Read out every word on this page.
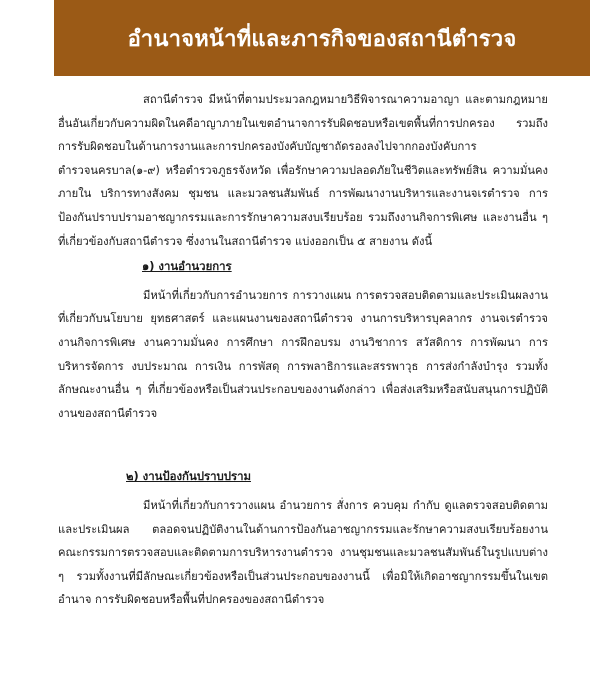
อำนาจหน้าที่และภารกิจของสถานีตำรวจ

สถานีตำรวจ มีหน้าที่ตามประมวลกฎหมายวิธีพิจารณาความอาญา และตามกฎหมายอื่นอันเกี่ยวกับความผิดในคดีอาญาภายในเขตอำนาจการรับผิดชอบหรือเขตพื้นที่การปกครอง รวมถึงการรับผิดชอบในด้านการงานและการปกครองบังคับบัญชาถัดรองลงไปจากกองบังคับการตำรวจนครบาล(๑-๙) หรือตำรวจภูธรจังหวัด เพื่อรักษาความปลอดภัยในชีวิตและทรัพย์สิน ความมั่นคงภายใน บริการทางสังคม ชุมชน และมวลชนสัมพันธ์ การพัฒนางานบริหารและงานจเรตำรวจ การป้องกันปราบปรามอาชญากรรมและการรักษาความสงบเรียบร้อย รวมถึงงานกิจการพิเศษ และงานอื่น ๆ ที่เกี่ยวข้องกับสถานีตำรวจ ซึ่งงานในสถานีตำรวจ แบ่งออกเป็น ๕ สายงาน ดังนี้

๑) งานอำนวยการ

มีหน้าที่เกี่ยวกับการอำนวยการ การวางแผน การตรวจสอบติดตามและประเมินผลงานที่เกี่ยวกับนโยบาย ยุทธศาสตร์ และแผนงานของสถานีตำรวจ งานการบริหารบุคลากร งานจเรตำรวจงานกิจการพิเศษ งานความมั่นคง การศึกษา การฝึกอบรม งานวิชาการ สวัสดิการ การพัฒนา การบริหารจัดการ งบประมาณ การเงิน การพัสดุ การพลาธิการและสรรพาวุธ การส่งกำลังบำรุง รวมทั้งลักษณะงานอื่น ๆ ที่เกี่ยวข้องหรือเป็นส่วนประกอบของงานดังกล่าว เพื่อส่งเสริมหรือสนับสนุนการปฏิบัติงานของสถานีตำรวจ

๒) งานป้องกันปราบปราม

มีหน้าที่เกี่ยวกับการวางแผน อำนวยการ สั่งการ ควบคุม กำกับ ดูแลตรวจสอบติดตามและประเมินผล ตลอดจนปฏิบัติงานในด้านการป้องกันอาชญากรรมและรักษาความสงบเรียบร้อยงานคณะกรรมการตรวจสอบและติดตามการบริหารงานตำรวจ งานชุมชนและมวลชนสัมพันธ์ในรูปแบบต่าง ๆ รวมทั้งงานที่มีลักษณะเกี่ยวข้องหรือเป็นส่วนประกอบของงานนี้ เพื่อมิให้เกิดอาชญากรรมขึ้นในเขตอำนาจ การรับผิดชอบหรือพื้นที่ปกครองของสถานีตำรวจ
